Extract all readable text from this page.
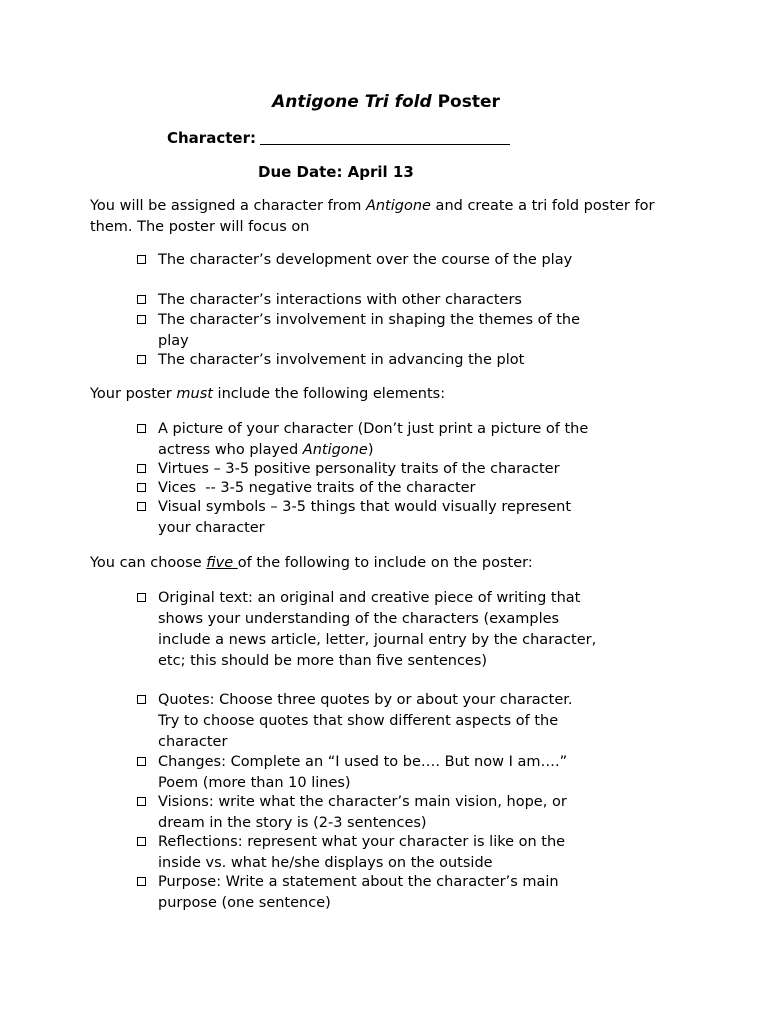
Antigone Tri fold Poster
Character:
Due Date: April 13
You will be assigned a character from Antigone and create a tri fold poster for them. The poster will focus on
The character’s development over the course of the play
The character’s interactions with other characters
The character’s involvement in shaping the themes of the play
The character’s involvement in advancing the plot
Your poster must include the following elements:
A picture of your character (Don’t just print a picture of the actress who played Antigone)
Virtues – 3-5 positive personality traits of the character
Vices  -- 3-5 negative traits of the character
Visual symbols – 3-5 things that would visually represent your character
You can choose five of the following to include on the poster:
Original text: an original and creative piece of writing that shows your understanding of the characters (examples include a news article, letter, journal entry by the character, etc; this should be more than five sentences)
Quotes: Choose three quotes by or about your character. Try to choose quotes that show different aspects of the character
Changes: Complete an “I used to be…. But now I am….” Poem (more than 10 lines)
Visions: write what the character’s main vision, hope, or dream in the story is (2-3 sentences)
Reflections: represent what your character is like on the inside vs. what he/she displays on the outside
Purpose: Write a statement about the character’s main purpose (one sentence)
